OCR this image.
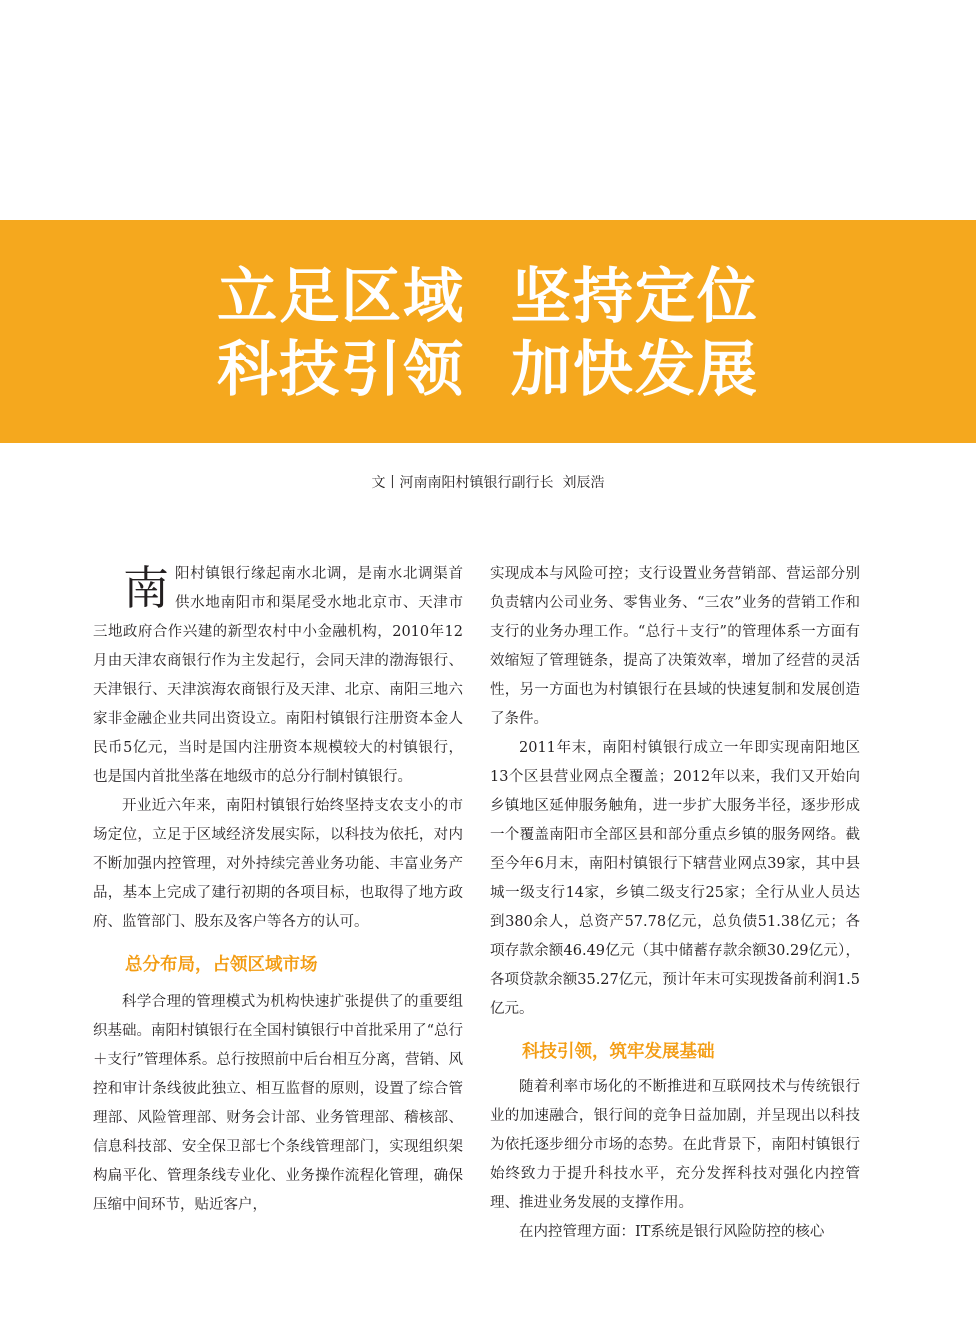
立足区域  坚持定位
科技引领  加快发展
文丨河南南阳村镇银行副行长  刘辰浩

南阳村镇银行缘起南水北调，是南水北调渠首供水地南阳市和渠尾受水地北京市、天津市三地政府合作兴建的新型农村中小金融机构，2010年12月由天津农商银行作为主发起行，会同天津的渤海银行、天津银行、天津滨海农商银行及天津、北京、南阳三地六家非金融企业共同出资设立。南阳村镇银行注册资本金人民币5亿元，当时是国内注册资本规模较大的村镇银行，也是国内首批坐落在地级市的总分行制村镇银行。

开业近六年来，南阳村镇银行始终坚持支农支小的市场定位，立足于区域经济发展实际，以科技为依托，对内不断加强内控管理，对外持续完善业务功能、丰富业务产品，基本上完成了建行初期的各项目标，也取得了地方政府、监管部门、股东及客户等各方的认可。

总分布局，占领区域市场

科学合理的管理模式为机构快速扩张提供了的重要组织基础。南阳村镇银行在全国村镇银行中首批采用了“总行＋支行”管理体系。总行按照前中后台相互分离，营销、风控和审计条线彼此独立、相互监督的原则，设置了综合管理部、风险管理部、财务会计部、业务管理部、稽核部、信息科技部、安全保卫部七个条线管理部门，实现组织架构扁平化、管理条线专业化、业务操作流程化管理，确保压缩中间环节，贴近客户，

实现成本与风险可控；支行设置业务营销部、营运部分别负责辖内公司业务、零售业务、“三农”业务的营销工作和支行的业务办理工作。“总行＋支行”的管理体系一方面有效缩短了管理链条，提高了决策效率，增加了经营的灵活性，另一方面也为村镇银行在县域的快速复制和发展创造了条件。

2011年末，南阳村镇银行成立一年即实现南阳地区13个区县营业网点全覆盖；2012年以来，我们又开始向乡镇地区延伸服务触角，进一步扩大服务半径，逐步形成一个覆盖南阳市全部区县和部分重点乡镇的服务网络。截至今年6月末，南阳村镇银行下辖营业网点39家，其中县城一级支行14家，乡镇二级支行25家；全行从业人员达到380余人，总资产57.78亿元，总负债51.38亿元；各项存款余额46.49亿元（其中储蓄存款余额30.29亿元），各项贷款余额35.27亿元，预计年末可实现拨备前利润1.5亿元。

科技引领，筑牢发展基础

随着利率市场化的不断推进和互联网技术与传统银行业的加速融合，银行间的竞争日益加剧，并呈现出以科技为依托逐步细分市场的态势。在此背景下，南阳村镇银行始终致力于提升科技水平，充分发挥科技对强化内控管理、推进业务发展的支撑作用。

在内控管理方面：IT系统是银行风险防控的核心
